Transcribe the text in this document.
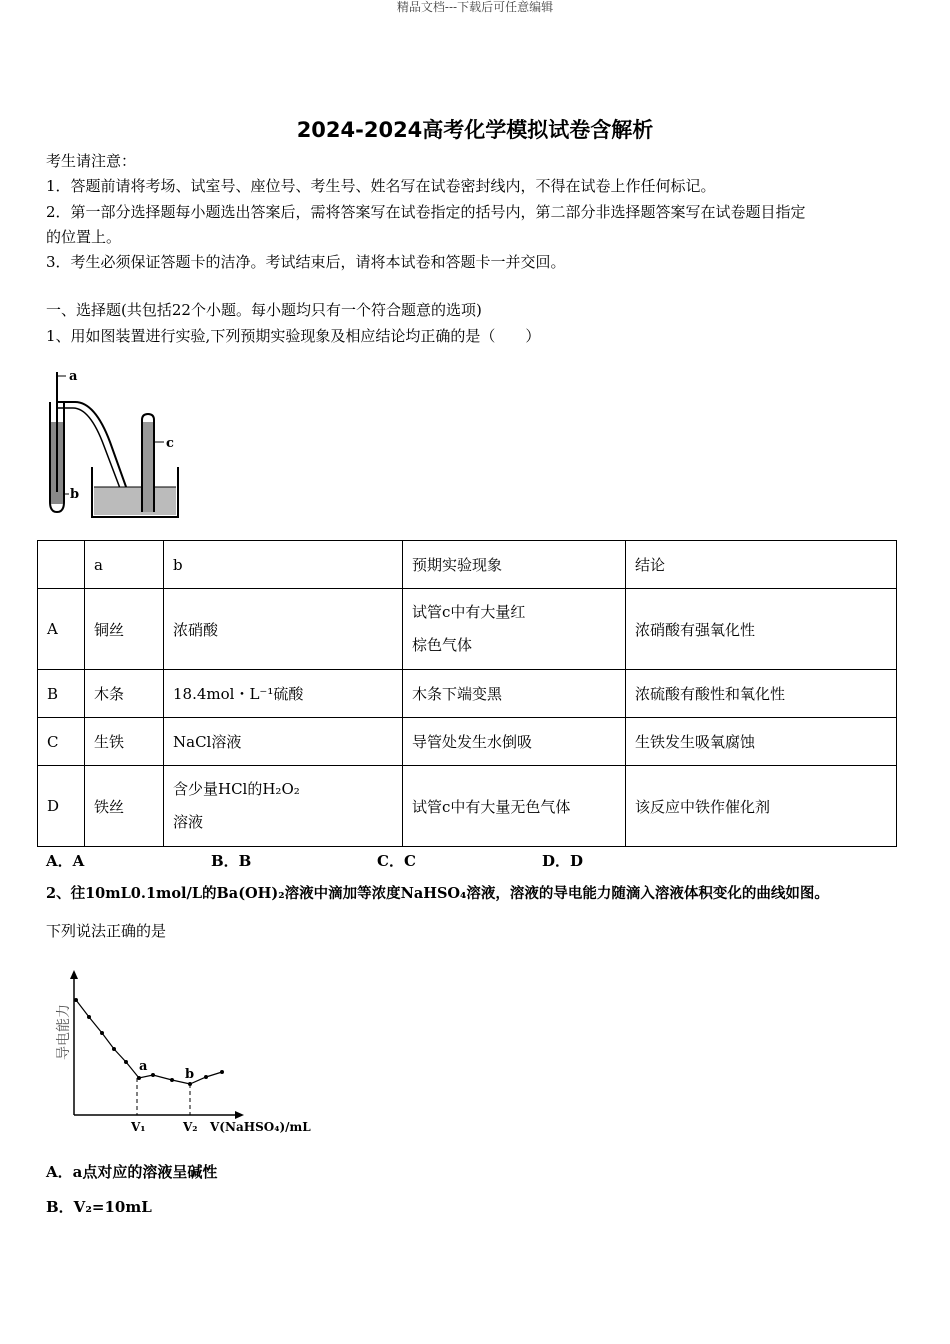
精品文档---下载后可任意编辑
2024-2024高考化学模拟试卷含解析
考生请注意：
1．答题前请将考场、试室号、座位号、考生号、姓名写在试卷密封线内，不得在试卷上作任何标记。
2．第一部分选择题每小题选出答案后，需将答案写在试卷指定的括号内，第二部分非选择题答案写在试卷题目指定
的位置上。
3．考生必须保证答题卡的洁净。考试结束后，请将本试卷和答题卡一并交回。
一、选择题(共包括22个小题。每小题均只有一个符合题意的选项)
1、用如图装置进行实验,下列预期实验现象及相应结论均正确的是（　　）
a
b
c
	a	b	预期实验现象	结论
A	铜丝	浓硝酸	试管c中有大量红
棕色气体	浓硝酸有强氧化性
B	木条	18.4mol・L⁻¹硫酸	木条下端变黑	浓硫酸有酸性和氧化性
C	生铁	NaCl溶液	导管处发生水倒吸	生铁发生吸氧腐蚀
D	铁丝	含少量HCl的H₂O₂
溶液	试管c中有大量无色气体	该反应中铁作催化剂
A．A	B．B	C．C	D．D
2、往10mL0.1mol/L的Ba(OH)₂溶液中滴加等浓度NaHSO₄溶液，溶液的导电能力随滴入溶液体积变化的曲线如图。
下列说法正确的是
导电能力
a
b
V₁	V₂ V(NaHSO₄)/mL
A．a点对应的溶液呈碱性
B．V₂=10mL
